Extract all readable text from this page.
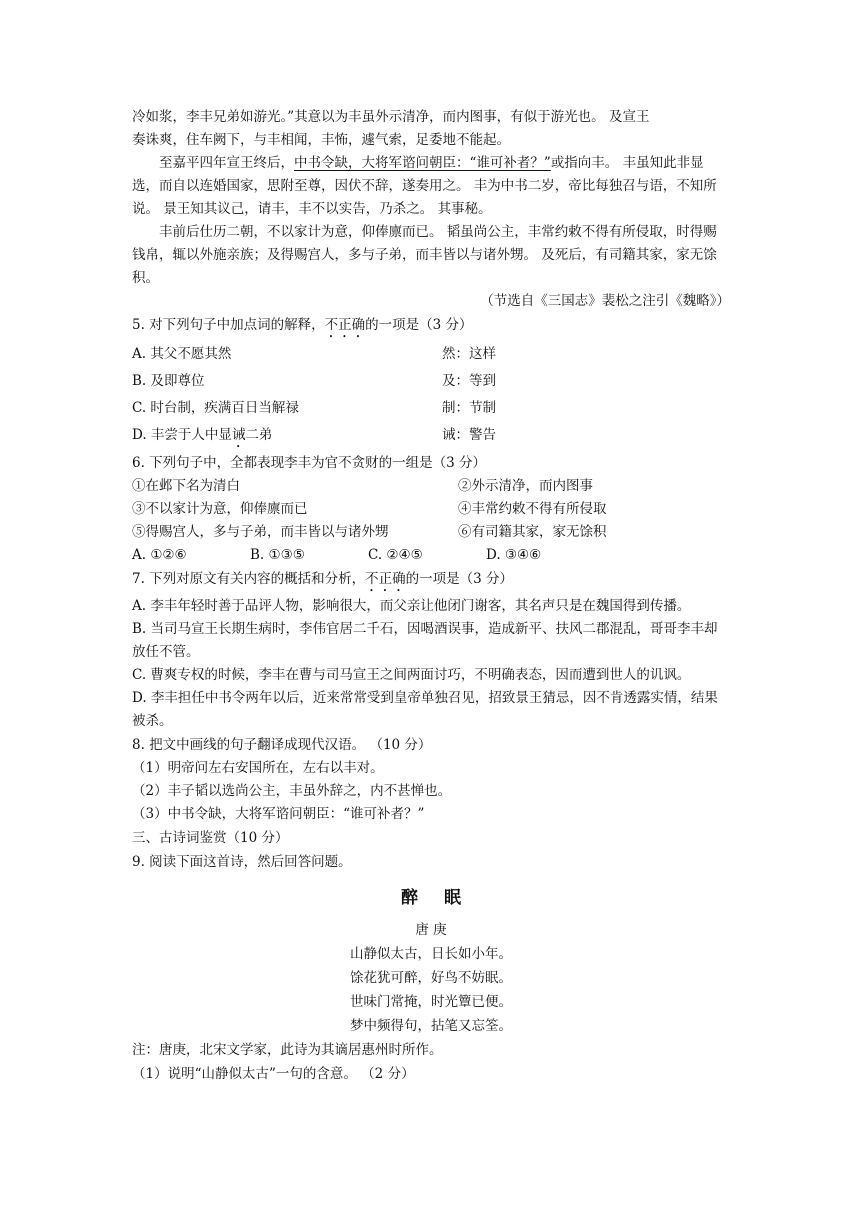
冷如浆，李丰兄弟如游光。”其意以为丰虽外示清净，而内图事，有似于游光也。 及宣王

奏诛爽，住车阙下，与丰相闻，丰怖，遽气索，足委地不能起。

至嘉平四年宣王终后，中书令缺，大将军谘问朝臣：“谁可补者？”或指向丰。 丰虽知此非显选，而自以连婚国家，思附至尊，因伏不辞，遂奏用之。 丰为中书二岁，帝比每独召与语，不知所说。 景王知其议己，请丰，丰不以实告，乃杀之。 其事秘。

丰前后仕历二朝，不以家计为意，仰俸廪而已。 韬虽尚公主，丰常约敕不得有所侵取，时得赐钱帛，辄以外施亲族；及得赐宫人，多与子弟，而丰皆以与诸外甥。 及死后，有司籍其家，家无馀积。

（节选自《三国志》裴松之注引《魏略》）

5. 对下列句子中加点词的解释，不正确的一项是（3 分）

A. 其父不愿其然	然：这样
B. 及即尊位	及：等到
C. 时台制，疾满百日当解禄	制：节制
D. 丰尝于人中显诫二弟	诫：警告

6. 下列句子中，全都表现李丰为官不贪财的一组是（3 分）

①在邺下名为清白	②外示清净，而内图事
③不以家计为意，仰俸廪而已	④丰常约敕不得有所侵取
⑤得赐宫人，多与子弟，而丰皆以与诸外甥	⑥有司籍其家，家无馀积
A. ①②⑥	B. ①③⑤	C. ②④⑤	D. ③④⑥

7. 下列对原文有关内容的概括和分析，不正确的一项是（3 分）

A. 李丰年轻时善于品评人物，影响很大，而父亲让他闭门谢客，其名声只是在魏国得到传播。

B. 当司马宣王长期生病时，李伟官居二千石，因喝酒误事，造成新平、扶风二郡混乱，哥哥李丰却放任不管。

C. 曹爽专权的时候，李丰在曹与司马宣王之间两面讨巧，不明确表态，因而遭到世人的讥讽。

D. 李丰担任中书令两年以后，近来常常受到皇帝单独召见，招致景王猜忌，因不肯透露实情，结果被杀。

8. 把文中画线的句子翻译成现代汉语。 （10 分）

（1）明帝问左右安国所在，左右以丰对。

（2）丰子韬以选尚公主，丰虽外辞之，内不甚惮也。

（3）中书令缺，大将军谘问朝臣：“谁可补者？”

三、古诗词鉴赏（10 分）

9. 阅读下面这首诗，然后回答问题。

醉眠

唐 庚

山静似太古，日长如小年。

馀花犹可醉，好鸟不妨眠。

世味门常掩，时光簟已便。

梦中频得句，拈笔又忘筌。

注：唐庚，北宋文学家，此诗为其谪居惠州时所作。

（1）说明“山静似太古”一句的含意。 （2 分）
